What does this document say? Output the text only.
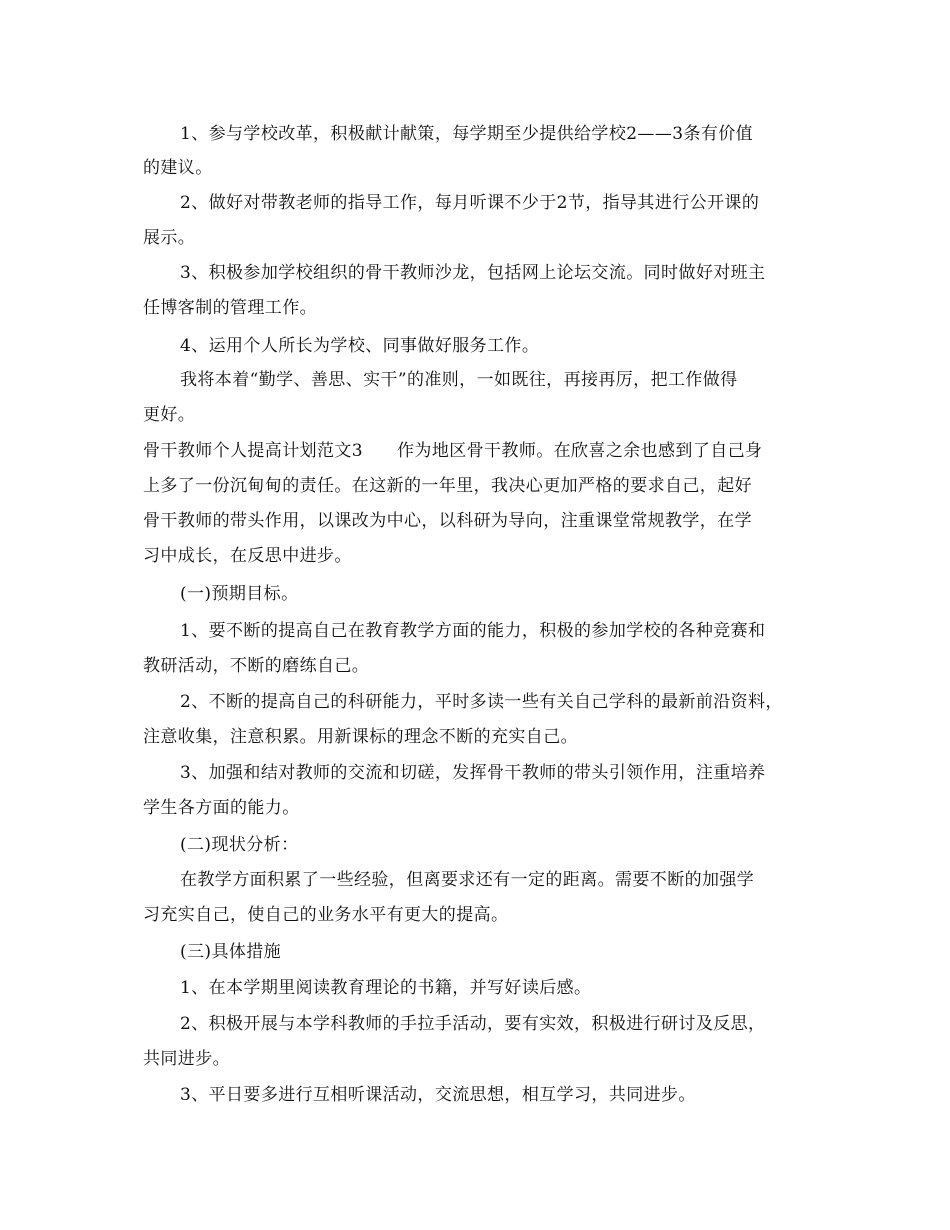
1、参与学校改革，积极献计献策，每学期至少提供给学校2——3条有价值
的建议。
2、做好对带教老师的指导工作，每月听课不少于2节，指导其进行公开课的
展示。
3、积极参加学校组织的骨干教师沙龙，包括网上论坛交流。同时做好对班主
任博客制的管理工作。
4、运用个人所长为学校、同事做好服务工作。
我将本着“勤学、善思、实干”的准则，一如既往，再接再厉，把工作做得
更好。
骨干教师个人提高计划范文3 作为地区骨干教师。在欣喜之余也感到了自己身
上多了一份沉甸甸的责任。在这新的一年里，我决心更加严格的要求自己，起好
骨干教师的带头作用，以课改为中心，以科研为导向，注重课堂常规教学，在学
习中成长，在反思中进步。
(一)预期目标。
1、要不断的提高自己在教育教学方面的能力，积极的参加学校的各种竞赛和
教研活动，不断的磨练自己。
2、不断的提高自己的科研能力，平时多读一些有关自己学科的最新前沿资料，
注意收集，注意积累。用新课标的理念不断的充实自己。
3、加强和结对教师的交流和切磋，发挥骨干教师的带头引领作用，注重培养
学生各方面的能力。
(二)现状分析：
在教学方面积累了一些经验，但离要求还有一定的距离。需要不断的加强学
习充实自己，使自己的业务水平有更大的提高。
(三)具体措施
1、在本学期里阅读教育理论的书籍，并写好读后感。
2、积极开展与本学科教师的手拉手活动，要有实效，积极进行研讨及反思，
共同进步。
3、平日要多进行互相听课活动，交流思想，相互学习，共同进步。
